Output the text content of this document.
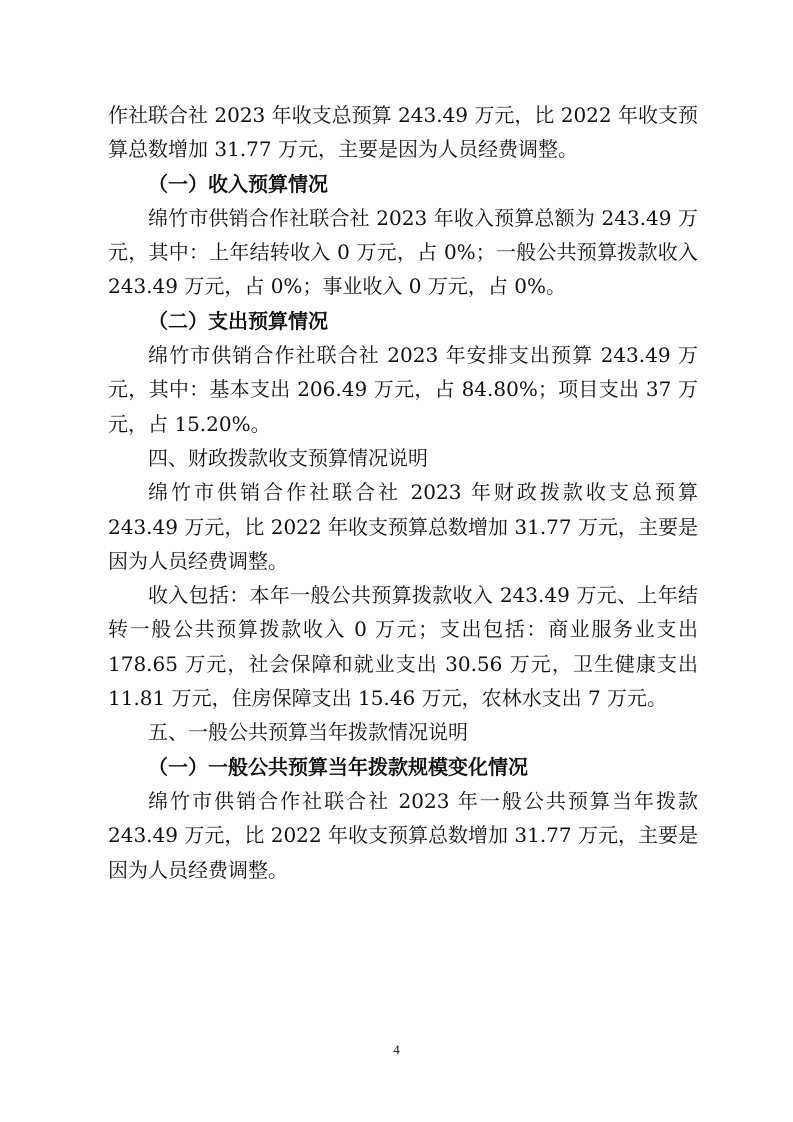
作社联合社 2023 年收支总预算 243.49 万元，比 2022 年收支预算总数增加 31.77 万元，主要是因为人员经费调整。

（一）收入预算情况

绵竹市供销合作社联合社 2023 年收入预算总额为 243.49 万元，其中：上年结转收入 0 万元，占 0%；一般公共预算拨款收入 243.49 万元，占 0%；事业收入 0 万元，占 0%。

（二）支出预算情况

绵竹市供销合作社联合社 2023 年安排支出预算 243.49 万元，其中：基本支出 206.49 万元，占 84.80%；项目支出 37 万元，占 15.20%。

四、财政拨款收支预算情况说明

绵竹市供销合作社联合社 2023 年财政拨款收支总预算 243.49 万元，比 2022 年收支预算总数增加 31.77 万元，主要是因为人员经费调整。

收入包括：本年一般公共预算拨款收入 243.49 万元、上年结转一般公共预算拨款收入 0 万元；支出包括：商业服务业支出 178.65 万元，社会保障和就业支出 30.56 万元，卫生健康支出 11.81 万元，住房保障支出 15.46 万元，农林水支出 7 万元。

五、一般公共预算当年拨款情况说明
（一）一般公共预算当年拨款规模变化情况

绵竹市供销合作社联合社 2023 年一般公共预算当年拨款 243.49 万元，比 2022 年收支预算总数增加 31.77 万元，主要是因为人员经费调整。

4
